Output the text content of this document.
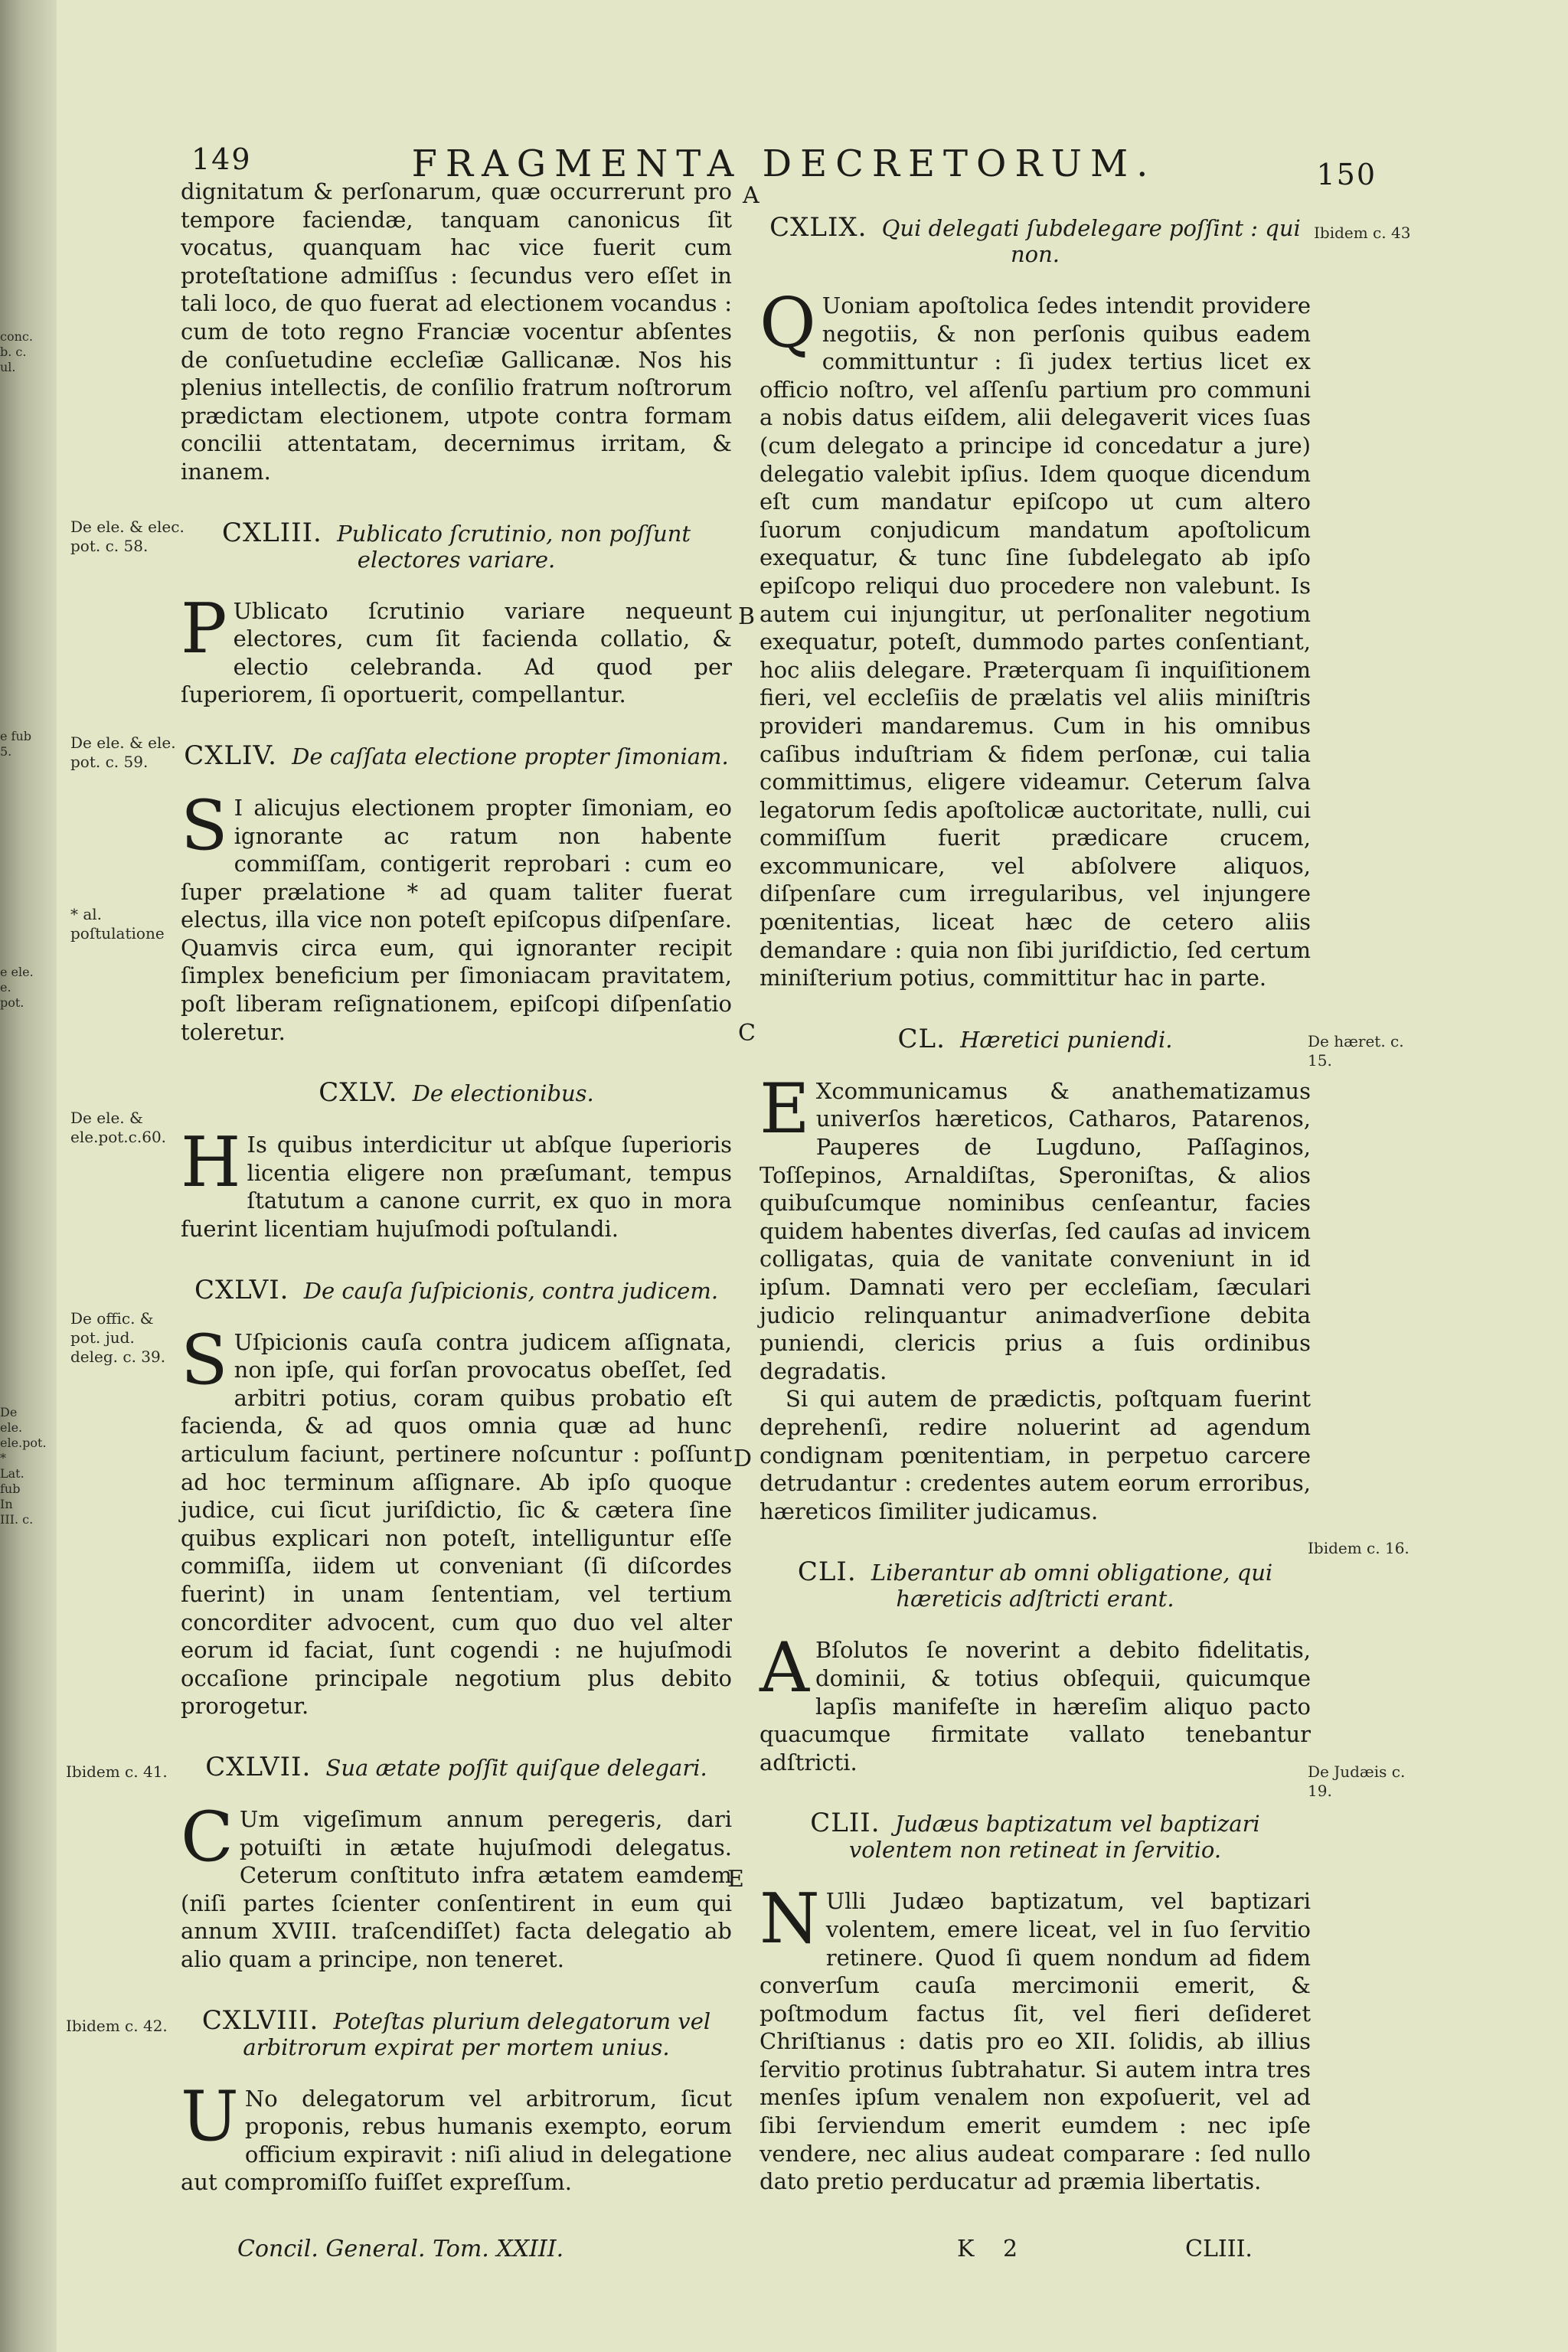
conc.
b. c. ul.
e fub
5.
e ele.
e. pot.
De ele.
ele.pot.
* Lat.
fub In
III. c.
149	FRAGMENTA DECRETORUM.	150
A
B
C
D
E
De ele. & elec. pot. c. 58.
De ele. & ele. pot. c. 59.
* al. poſtulatione
De ele. & ele.pot.c.60.
De offic. & pot. jud. deleg. c. 39.
Ibidem c. 41.
Ibidem c. 42.
Ibidem c. 43
De hæret. c. 15.
Ibidem c. 16.
De Judæis c. 19.

dignitatum & perſonarum, quæ occurrerunt pro tempore faciendæ, tanquam canonicus ſit vocatus, quanquam hac vice fuerit cum proteſtatione admiſſus : ſecundus vero eſſet in tali loco, de quo fuerat ad electionem vocandus : cum de toto regno Franciæ vocentur abſentes de conſuetudine eccleſiæ Gallicanæ. Nos his plenius intellectis, de conſilio fratrum noſtrorum prædictam electionem, utpote contra formam concilii attentatam, decernimus irritam, & inanem.

CXLIII. Publicato ſcrutinio, non poſſunt electores variare.
P Ublicato ſcrutinio variare nequeunt electores, cum ſit facienda collatio, & electio celebranda. Ad quod per ſuperiorem, ſi oportuerit, compellantur.

CXLIV. De caſſata electione propter ſimoniam.
S I alicujus electionem propter ſimoniam, eo ignorante ac ratum non habente commiſſam, contigerit reprobari : cum eo ſuper prælatione * ad quam taliter fuerat electus, illa vice non poteſt epiſcopus diſpenſare. Quamvis circa eum, qui ignoranter recipit ſimplex beneficium per ſimoniacam pravitatem, poſt liberam reſignationem, epiſcopi diſpenſatio toleretur.

CXLV. De electionibus.
H Is quibus interdicitur ut abſque ſuperioris licentia eligere non præſumant, tempus ſtatutum a canone currit, ex quo in mora fuerint licentiam hujuſmodi poſtulandi.

CXLVI. De cauſa ſuſpicionis, contra judicem.
S Uſpicionis cauſa contra judicem aſſignata, non ipſe, qui forſan provocatus obeſſet, ſed arbitri potius, coram quibus probatio eſt facienda, & ad quos omnia quæ ad hunc articulum faciunt, pertinere noſcuntur : poſſunt ad hoc terminum aſſignare. Ab ipſo quoque judice, cui ſicut juriſdictio, ſic & cætera ſine quibus explicari non poteſt, intelliguntur eſſe commiſſa, iidem ut conveniant (ſi diſcordes fuerint) in unam ſententiam, vel tertium concorditer advocent, cum quo duo vel alter eorum id faciat, ſunt cogendi : ne hujuſmodi occaſione principale negotium plus debito prorogetur.

CXLVII. Sua ætate poſſit quiſque delegari.
C Um vigeſimum annum peregeris, dari potuiſti in ætate hujuſmodi delegatus. Ceterum conſtituto infra ætatem eamdem (niſi partes ſcienter conſentirent in eum qui annum XVIII. traſcendiſſet) facta delegatio ab alio quam a principe, non teneret.

CXLVIII. Poteſtas plurium delegatorum vel arbitrorum expirat per mortem unius.
U No delegatorum vel arbitrorum, ſicut proponis, rebus humanis exempto, eorum officium expiravit : niſi aliud in delegatione aut compromiſſo fuiſſet expreſſum.

CXLIX. Qui delegati ſubdelegare poſſint : qui non.
Q Uoniam apoſtolica ſedes intendit providere negotiis, & non perſonis quibus eadem committuntur : ſi judex tertius licet ex officio noſtro, vel aſſenſu partium pro communi a nobis datus eiſdem, alii delegaverit vices ſuas (cum delegato a principe id concedatur a jure) delegatio valebit ipſius. Idem quoque dicendum eſt cum mandatur epiſcopo ut cum altero ſuorum conjudicum mandatum apoſtolicum exequatur, & tunc ſine ſubdelegato ab ipſo epiſcopo reliqui duo procedere non valebunt. Is autem cui injungitur, ut perſonaliter negotium exequatur, poteſt, dummodo partes conſentiant, hoc aliis delegare. Præterquam ſi inquiſitionem fieri, vel eccleſiis de prælatis vel aliis miniſtris provideri mandaremus. Cum in his omnibus caſibus induſtriam & fidem perſonæ, cui talia committimus, eligere videamur. Ceterum ſalva legatorum ſedis apoſtolicæ auctoritate, nulli, cui commiſſum fuerit prædicare crucem, excommunicare, vel abſolvere aliquos, diſpenſare cum irregularibus, vel injungere pœnitentias, liceat hæc de cetero aliis demandare : quia non ſibi juriſdictio, ſed certum miniſterium potius, committitur hac in parte.

CL. Hæretici puniendi.
E Xcommunicamus & anathematizamus univerſos hæreticos, Catharos, Patarenos, Pauperes de Lugduno, Paſſaginos, Toſſepinos, Arnaldiſtas, Speroniſtas, & alios quibuſcumque nominibus cenſeantur, facies quidem habentes diverſas, ſed cauſas ad invicem colligatas, quia de vanitate conveniunt in id ipſum. Damnati vero per eccleſiam, ſæculari judicio relinquantur animadverſione debita puniendi, clericis prius a ſuis ordinibus degradatis.

Si qui autem de prædictis, poſtquam fuerint deprehenſi, redire noluerint ad agendum condignam pœnitentiam, in perpetuo carcere detrudantur : credentes autem eorum erroribus, hæreticos ſimiliter judicamus.

CLI. Liberantur ab omni obligatione, qui hæreticis adſtricti erant.
A Bſolutos ſe noverint a debito fidelitatis, dominii, & totius obſequii, quicumque lapſis manifeſte in hæreſim aliquo pacto quacumque firmitate vallato tenebantur adſtricti.

CLII. Judæus baptizatum vel baptizari volentem non retineat in ſervitio.
N Ulli Judæo baptizatum, vel baptizari volentem, emere liceat, vel in ſuo ſervitio retinere. Quod ſi quem nondum ad fidem converſum cauſa mercimonii emerit, & poſtmodum factus ſit, vel fieri deſideret Chriſtianus : datis pro eo XII. ſolidis, ab illius ſervitio protinus ſubtrahatur. Si autem intra tres menſes ipſum venalem non expoſuerit, vel ad ſibi ſerviendum emerit eumdem : nec ipſe vendere, nec alius audeat comparare : ſed nullo dato pretio perducatur ad præmia libertatis.

Concil. General. Tom. XXIII.	K 2	CLIII.
